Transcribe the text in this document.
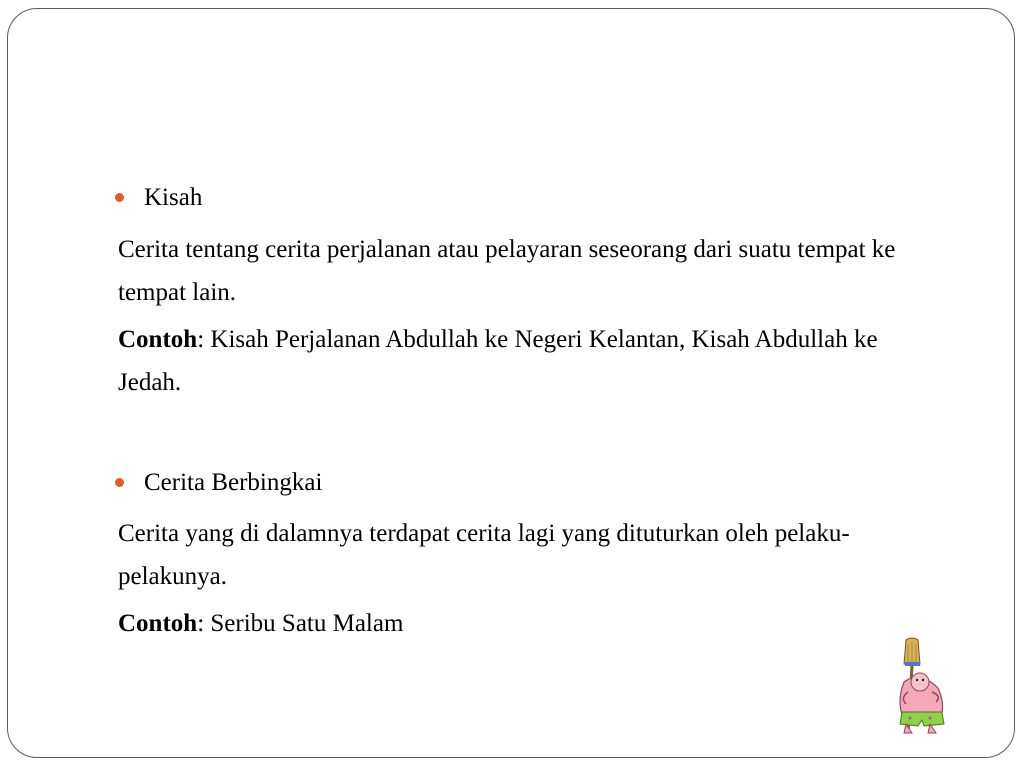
Kisah
Cerita tentang cerita perjalanan atau pelayaran seseorang dari suatu tempat ke tempat lain.
Contoh: Kisah Perjalanan Abdullah ke Negeri Kelantan, Kisah Abdullah ke Jedah.
Cerita Berbingkai
Cerita yang di dalamnya terdapat cerita lagi yang dituturkan oleh pelaku-pelakunya.
Contoh: Seribu Satu Malam
